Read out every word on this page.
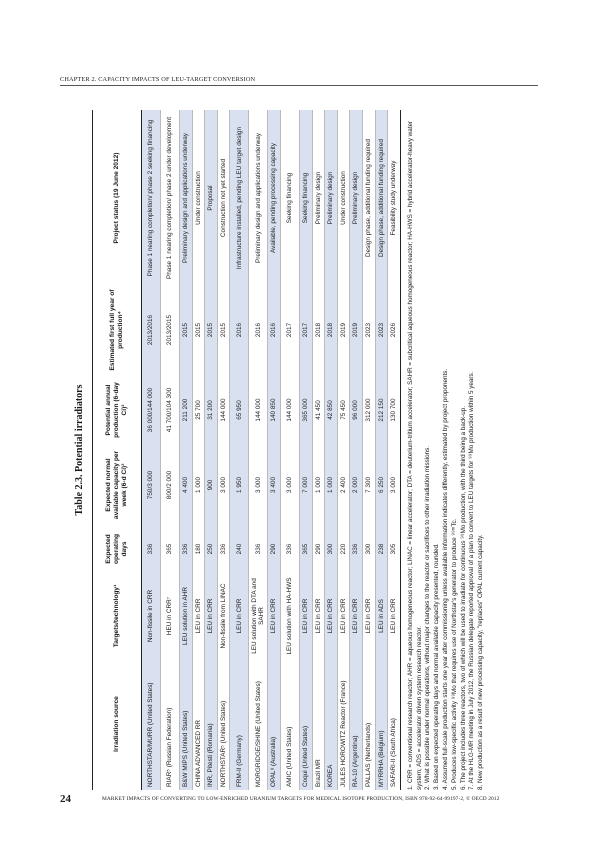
CHAPTER 2. CAPACITY IMPACTS OF LEU-TARGET CONVERSION
Table 2.3. Potential irradiators
Irradiation source	Targets/technology¹	Expected operating days	Expected normal available capacity per week (6-d Ci)³	Potential annual production (6-day Ci)³	Estimated first full year of production⁴	Project status (19 June 2012)
NORTHSTAR/MURR (United States)	Non-fissile in CRR	336	750/3 000	36 000/144 000	2013/2016	Phase 1 nearing completion/ phase 2 seeking financing
RIAR⁵ (Russian Federation)	HEU in CRR⁷	365	800/2 000	41 700/104 300	2013/2015	Phase 1 nearing completion/ phase 2 under development
B&W MIPS (United States)	LEU solution in AHR	336	4 400	211 200	2015	Preliminary design and applications underway
CHINA ADVANCED RR	LEU in CRR	180	1 000	25 700	2015	Under construction
INR, Pitesti (Romania)	LEU in CRR	250	900	31 200	2015	Proposal
NORTHSTAR⁵ (United States)	Non-fissile from LINAC	336	3 000	144 000	2015	Construction not yet started
FRM-II (Germany)	LEU in CRR	240	1 950	65 950	2016	Infrastructure installed, pending LEU target design
MORGRIDGE/SHINE (United States)	LEU solution with DTA and SAHR	336	3 000	144 000	2016	Preliminary design and applications underway
OPAL⁸ (Australia)	LEU in CRR	290	3 400	140 850	2016	Available, pending processing capacity
AMIC (United States)	LEU solution with HA-HWS	336	3 000	144 000	2017	Seeking financing
Coqui (United States)	LEU in CRR	365	7 000	365 000	2017	Seeking financing
Brazil MR	LEU in CRR	290	1 000	41 450	2018	Preliminary design
KOREA	LEU in CRR	300	1 000	42 850	2018	Preliminary design
JULES HOROWITZ Reactor (France)	LEU in CRR	220	2 400	75 450	2019	Under construction
RA-10 (Argentina)	LEU in CRR	336	2 000	96 000	2019	Preliminary design
PALLAS (Netherlands)	LEU in CRR	300	7 300	312 000	2023	Design phase, additional funding required
MYRRHA (Belgium)	LEU in ADS	238	6 250	212 150	2023	Design phase, additional funding required
SAFARI-II (South Africa)	LEU in CRR	305	3 000	130 700	2026	Feasibility study underway 1. CRR = conventional research reactor; AHR = aqueous homogeneous reactor; LINAC = linear accelerator; DTA = deuterium-tritium accelerator; SAHR = subcritical aqueous homogeneous reactor; HA-HWS = hybrid accelerator-heavy water system; ADS = accelerator driven system research reactor. 2. What is possible under normal operations, without major changes to the reactor or sacrifices to other irradiation missions. 3. Based on expected operating days and normal available capacity presented, rounded. 4. Assumed full-scale production starts one year after commissioning unless available information indicates differently, estimated by project proponents. 5. Produces low-specific activity ⁹⁹Mo that requires use of Northstar's generator to produce ⁹⁹ᵐTc. 6. The project includes three reactors, two of which will be used to irradiate for continuous ⁹⁹Mo production, with the third being a back-up. 7. At the HLG-MR meeting in July 2012, the Russian delegate reported approval of a plan to convert to LEU targets for ⁹⁹Mo production within 5 years. 8. New production as a result of new processing capacity, "replaces" OPAL current capacity.
24	MARKET IMPACTS OF CONVERTING TO LOW-ENRICHED URANIUM TARGETS FOR MEDICAL ISOTOPE PRODUCTION, ISBN 978-92-64-99197-2, © OECD 2012
